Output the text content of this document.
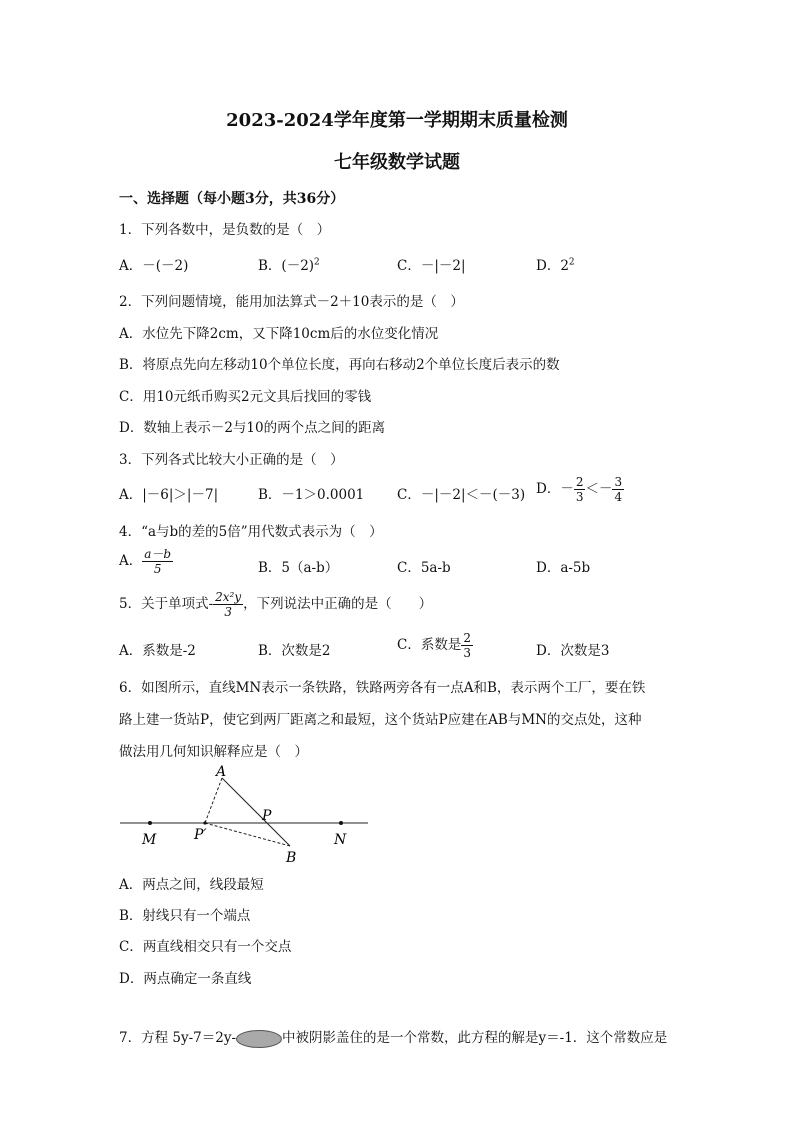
2023-2024学年度第一学期期末质量检测
七年级数学试题
一、选择题（每小题3分，共36分）
1．下列各数中，是负数的是（　）
A．－(－2)	B．$(-2)^2$	C．－|－2|	D．$2^2$
2．下列问题情境，能用加法算式－2＋10表示的是（　）
A．水位先下降2cm，又下降10cm后的水位变化情况
B．将原点先向左移动10个单位长度，再向右移动2个单位长度后表示的数
C．用10元纸币购买2元文具后找回的零钱
D．数轴上表示－2与10的两个点之间的距离
3．下列各式比较大小正确的是（　）
A．|－6|＞|－7|	B．－1＞0.0001 C．－|－2|＜－(－3) D．－ $\frac{2}{3} <- \frac{3}{4}$
4．“a与b的差的5倍”用代数式表示为（　）
A． $\frac{a-b}{5}$	B．5（a-b）	C．5a-b	D．a-5b
5．关于单项式- $\frac{\text{2x²y}}{3}$ ，下列说法中正确的是（　　）
A．系数是-2	B．次数是2	C．系数是 $\frac{2}{3}$	D．次数是3
6．如图所示，直线MN表示一条铁路，铁路两旁各有一点A和B，表示两个工厂，要在铁
路上建一货站P，使它到两厂距离之和最短，这个货站P应建在AB与MN的交点处，这种
做法用几何知识解释应是（　）
A
P
P′
B
M	N
A．两点之间，线段最短
B．射线只有一个端点
C．两直线相交只有一个交点
D．两点确定一条直线
7．方程 5y-7＝2y-	中被阴影盖住的是一个常数，此方程的解是y＝-1．这个常数应是
